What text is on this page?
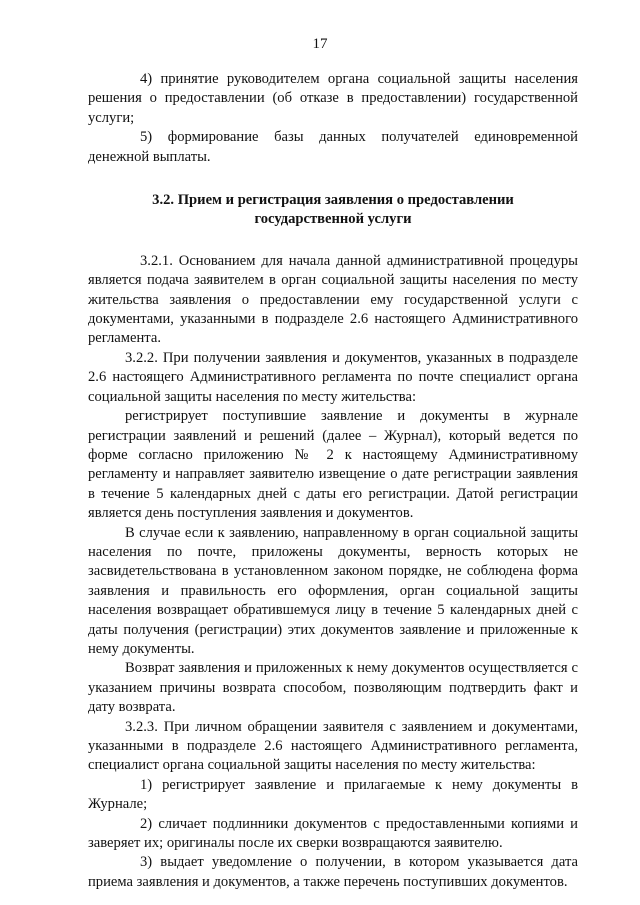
17

4) принятие руководителем органа социальной защиты населения решения о предоставлении (об отказе в предоставлении) государственной услуги;

5) формирование базы данных получателей единовременной денежной выплаты.

3.2. Прием и регистрация заявления о предоставлении
государственной услуги

3.2.1. Основанием для начала данной административной процедуры является подача заявителем в орган социальной защиты населения по месту жительства заявления о предоставлении ему государственной услуги с документами, указанными в подразделе 2.6 настоящего Административного регламента.

3.2.2. При получении заявления и документов, указанных в подразделе 2.6 настоящего Административного регламента по почте специалист органа социальной защиты населения по месту жительства:

регистрирует поступившие заявление и документы в журнале регистрации заявлений и решений (далее – Журнал), который ведется по форме согласно приложению № 2 к настоящему Административному регламенту и направляет заявителю извещение о дате регистрации заявления в течение 5 календарных дней с даты его регистрации. Датой регистрации является день поступления заявления и документов.

В случае если к заявлению, направленному в орган социальной защиты населения по почте, приложены документы, верность которых не засвидетельствована в установленном законом порядке, не соблюдена форма заявления и правильность его оформления, орган социальной защиты населения возвращает обратившемуся лицу в течение 5 календарных дней с даты получения (регистрации) этих документов заявление и приложенные к нему документы.

Возврат заявления и приложенных к нему документов осуществляется с указанием причины возврата способом, позволяющим подтвердить факт и дату возврата.

3.2.3. При личном обращении заявителя с заявлением и документами, указанными в подразделе 2.6 настоящего Административного регламента, специалист органа социальной защиты населения по месту жительства:

1) регистрирует заявление и прилагаемые к нему документы в Журнале;

2) сличает подлинники документов с предоставленными копиями и заверяет их; оригиналы после их сверки возвращаются заявителю.

3) выдает уведомление о получении, в котором указывается дата приема заявления и документов, а также перечень поступивших документов.
